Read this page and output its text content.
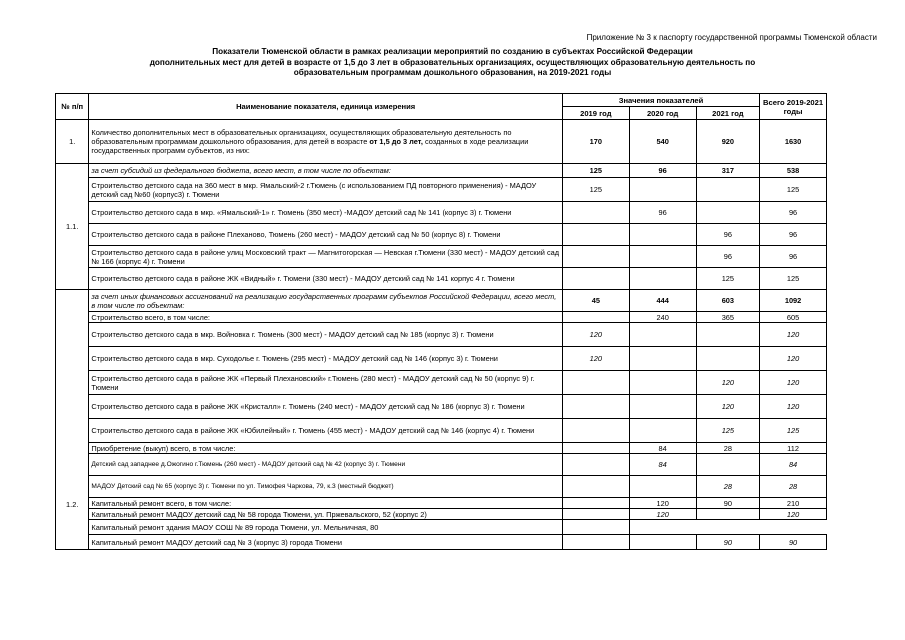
Приложение № 3 к паспорту государственной программы Тюменской области
Показатели Тюменской области в рамках реализации мероприятий по созданию в субъектах Российской Федерации
дополнительных мест для детей в возрасте от 1,5 до 3 лет в образовательных организациях, осуществляющих образовательную деятельность по
образовательным программам дошкольного образования, на 2019-2021 годы
№ п/п	Наименование показателя, единица измерения	Значения показателей			Всего 2019-2021 годы
		2019 год	2020 год	2021 год	
1.	Количество дополнительных мест в образовательных организациях, осуществляющих образовательную деятельность по образовательным программам дошкольного образования, для детей в возрасте от 1,5 до 3 лет, созданных в ходе реализации государственных программ субъектов, из них:	170	540	920	1630
1.1.	за счет субсидий из федерального бюджета, всего мест, в том числе по объектам:	125	96	317	538
	Строительство детского сада на 360 мест в мкр. Ямальский-2 г.Тюмень (с использованием ПД повторного применения) - МАДОУ детский сад №60 (корпус3) г. Тюмени	125			125
	Строительство детского сада в мкр. «Ямальский-1» г. Тюмень (350 мест) -МАДОУ детский сад № 141 (корпус 3) г. Тюмени		96		96
	Строительство детского сада в районе Плеханово, Тюмень (260 мест) - МАДОУ детский сад № 50 (корпус 8) г. Тюмени			96	96
	Строительство детского сада в районе улиц Московский тракт — Магнитогорская — Невская г.Тюмени (330 мест) - МАДОУ детский сад № 166 (корпус 4) г. Тюмени			96	96
	Строительство детского сада в районе ЖК «Видный» г. Тюмени (330 мест) - МАДОУ детский сад № 141 корпус 4 г. Тюмени			125	125
1.2.	за счет иных финансовых ассигнований на реализацию государственных программ субъектов Российской Федерации, всего мест, в том числе по объектам:	45	444	603	1092
	Строительство всего, в том числе:		240	365	605
	Строительство детского сада в мкр. Войновка г. Тюмень (300 мест) - МАДОУ детский сад № 185 (корпус 3) г. Тюмени	120			120
	Строительство детского сада в мкр. Суходолье г. Тюмень (295 мест) - МАДОУ детский сад № 146 (корпус 3) г. Тюмени	120			120
	Строительство детского сада в районе ЖК «Первый Плехановский» г.Тюмень (280 мест) - МАДОУ детский сад № 50 (корпус 9) г. Тюмени			120	120
	Строительство детского сада в районе ЖК «Кристалл» г. Тюмень (240 мест) - МАДОУ детский сад № 186 (корпус 3) г. Тюмени			120	120
	Строительство детского сада в районе ЖК «Юбилейный» г. Тюмень (455 мест) - МАДОУ детский сад № 146 (корпус 4) г. Тюмени			125	125
	Приобретение (выкуп) всего, в том числе:		84	28	112
	Детский сад западнее д.Ожогино г.Тюмень (260 мест) - МАДОУ детский сад № 42 (корпус 3) г. Тюмени		84		84
	МАДОУ Детский сад № 65 (корпус 3) г. Тюмени по ул. Тимофея Чаркова, 79, к.3 (местный бюджет)			28	28
	Капитальный ремонт всего, в том числе:		120	90	210
	Капитальный ремонт МАДОУ детский сад № 58 города Тюмени, ул. Пржевальского, 52 (корпус 2)		120		120
	Капитальный ремонт здания МАОУ СОШ № 89 города Тюмени, ул. Мельничная, 80				
	Капитальный ремонт МАДОУ детский сад № 3 (корпус 3) города Тюмени			90	90
